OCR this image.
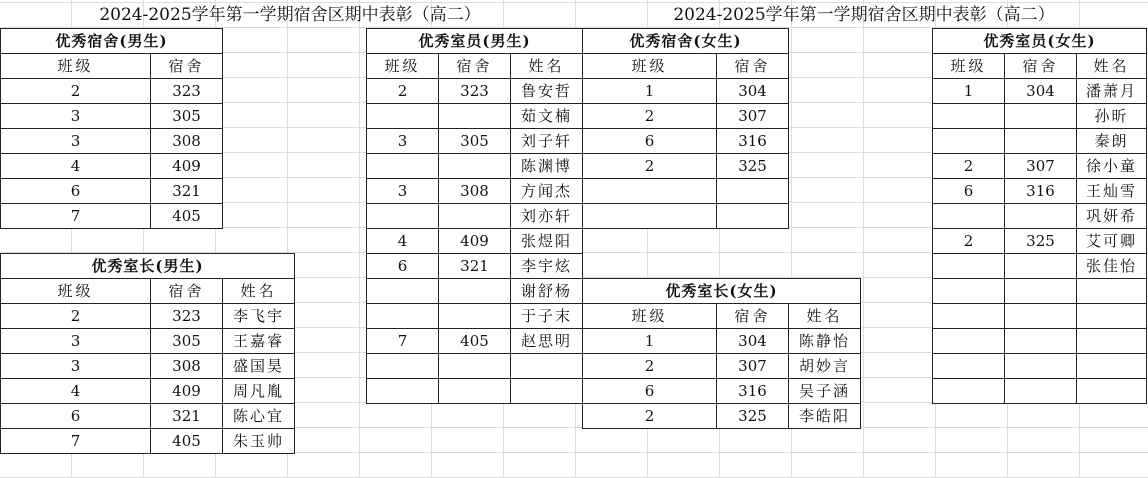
2024-2025学年第一学期宿舍区期中表彰（高二）	2024-2025学年第一学期宿舍区期中表彰（高二）
优秀宿舍(男生)	
班级	宿舍
2	323
3	305
3	308
4	409
6	321
7	405
优秀室长(男生)		
班级	宿舍	姓名
2	323	李飞宇
3	305	王嘉睿
3	308	盛国昊
4	409	周凡胤
6	321	陈心宜
7	405	朱玉帅
优秀室员(男生)		
班级	宿舍	姓名
2	323	鲁安哲
		茹文楠
3	305	刘子轩
		陈渊博
3	308	方闻杰
		刘亦轩
4	409	张煜阳
6	321	李宇炫
		谢舒杨
		于子末
7	405	赵思明

优秀宿舍(女生)	
班级	宿舍
1	304
2	307
6	316
2	325

优秀室长(女生)		
班级	宿舍	姓名
1	304	陈静怡
2	307	胡妙言
6	316	吴子涵
2	325	李皓阳
优秀室员(女生)		
班级	宿舍	姓名
1	304	潘萧月
		孙昕
		秦朗
2	307	徐小童
6	316	王灿雪
		巩妍希
2	325	艾可卿
		张佳怡
